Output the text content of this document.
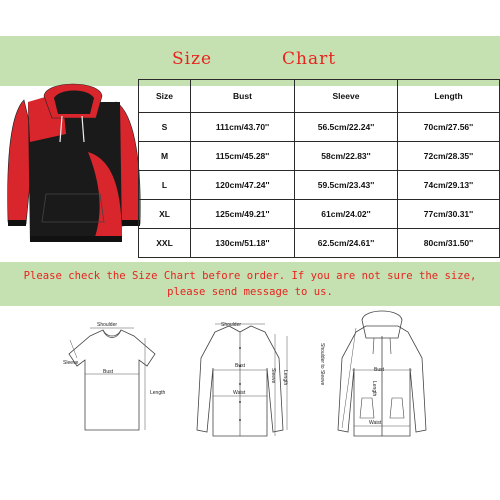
Size	Chart
Size	Bust	Sleeve	Length
S	111cm/43.70''	56.5cm/22.24''	70cm/27.56''
M	115cm/45.28''	58cm/22.83''	72cm/28.35''
L	120cm/47.24''	59.5cm/23.43''	74cm/29.13''
XL	125cm/49.21''	61cm/24.02''	77cm/30.31''
XXL	130cm/51.18''	62.5cm/24.61''	80cm/31.50''
Please check the Size Chart before order. If you are not sure the size,
please send message to us.
Shoulder
Sleeve
Bust
Length
Shoulder
Bust
Waist
Sleeve Length	Shoulder to Sleeve	Bust
Length
Waist
